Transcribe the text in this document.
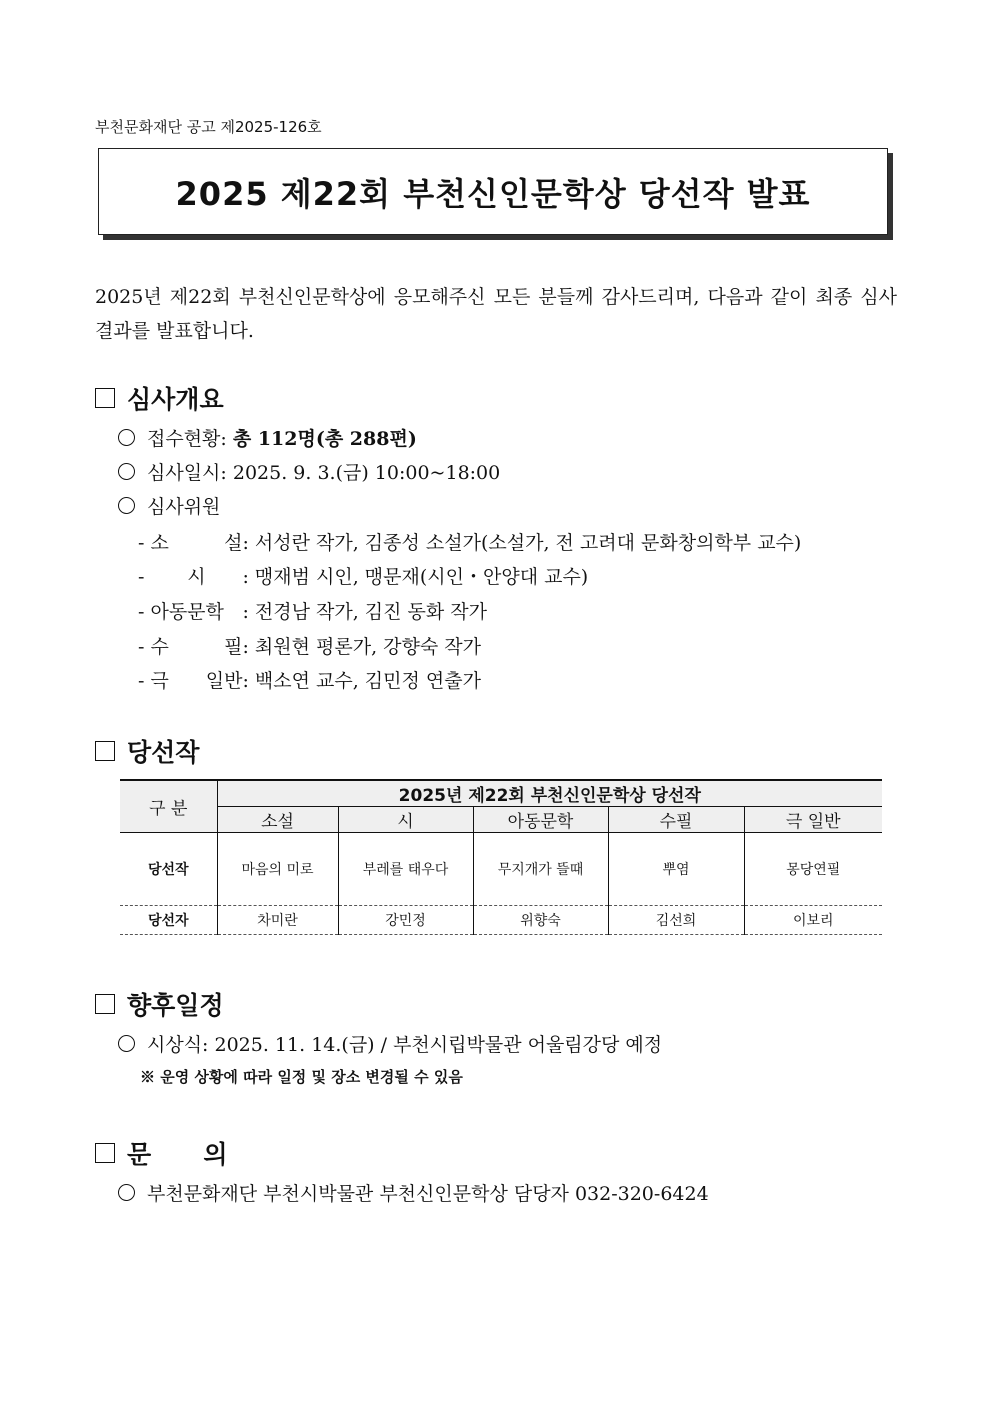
부천문화재단 공고 제2025-126호
2025 제22회 부천신인문학상 당선작 발표
2025년 제22회 부천신인문학상에 응모해주신 모든 분들께 감사드리며, 다음과 같이 최종 심사 결과를 발표합니다.
심사개요
접수현황: 총 112명(총 288편)
심사일시: 2025. 9. 3.(금) 10:00~18:00
심사위원
- 소 설: 서성란 작가, 김종성 소설가(소설가, 전 고려대 문화창의학부 교수)
- 시 : 맹재범 시인, 맹문재(시인・안양대 교수)
- 아동문학 : 전경남 작가, 김진 동화 작가
- 수 필: 최원현 평론가, 강향숙 작가
- 극 일반: 백소연 교수, 김민정 연출가
당선작
구 분	2025년 제22회 부천신인문학상 당선작				
	소설	시	아동문학	수필	극 일반
당선작	마음의 미로	부레를 태우다	무지개가 뜰때	뿌염	몽당연필
당선자	차미란	강민정	위향숙	김선희	이보리
향후일정
시상식: 2025. 11. 14.(금) / 부천시립박물관 어울림강당 예정
※ 운영 상황에 따라 일정 및 장소 변경될 수 있음
문      의
부천문화재단 부천시박물관 부천신인문학상 담당자 032-320-6424
